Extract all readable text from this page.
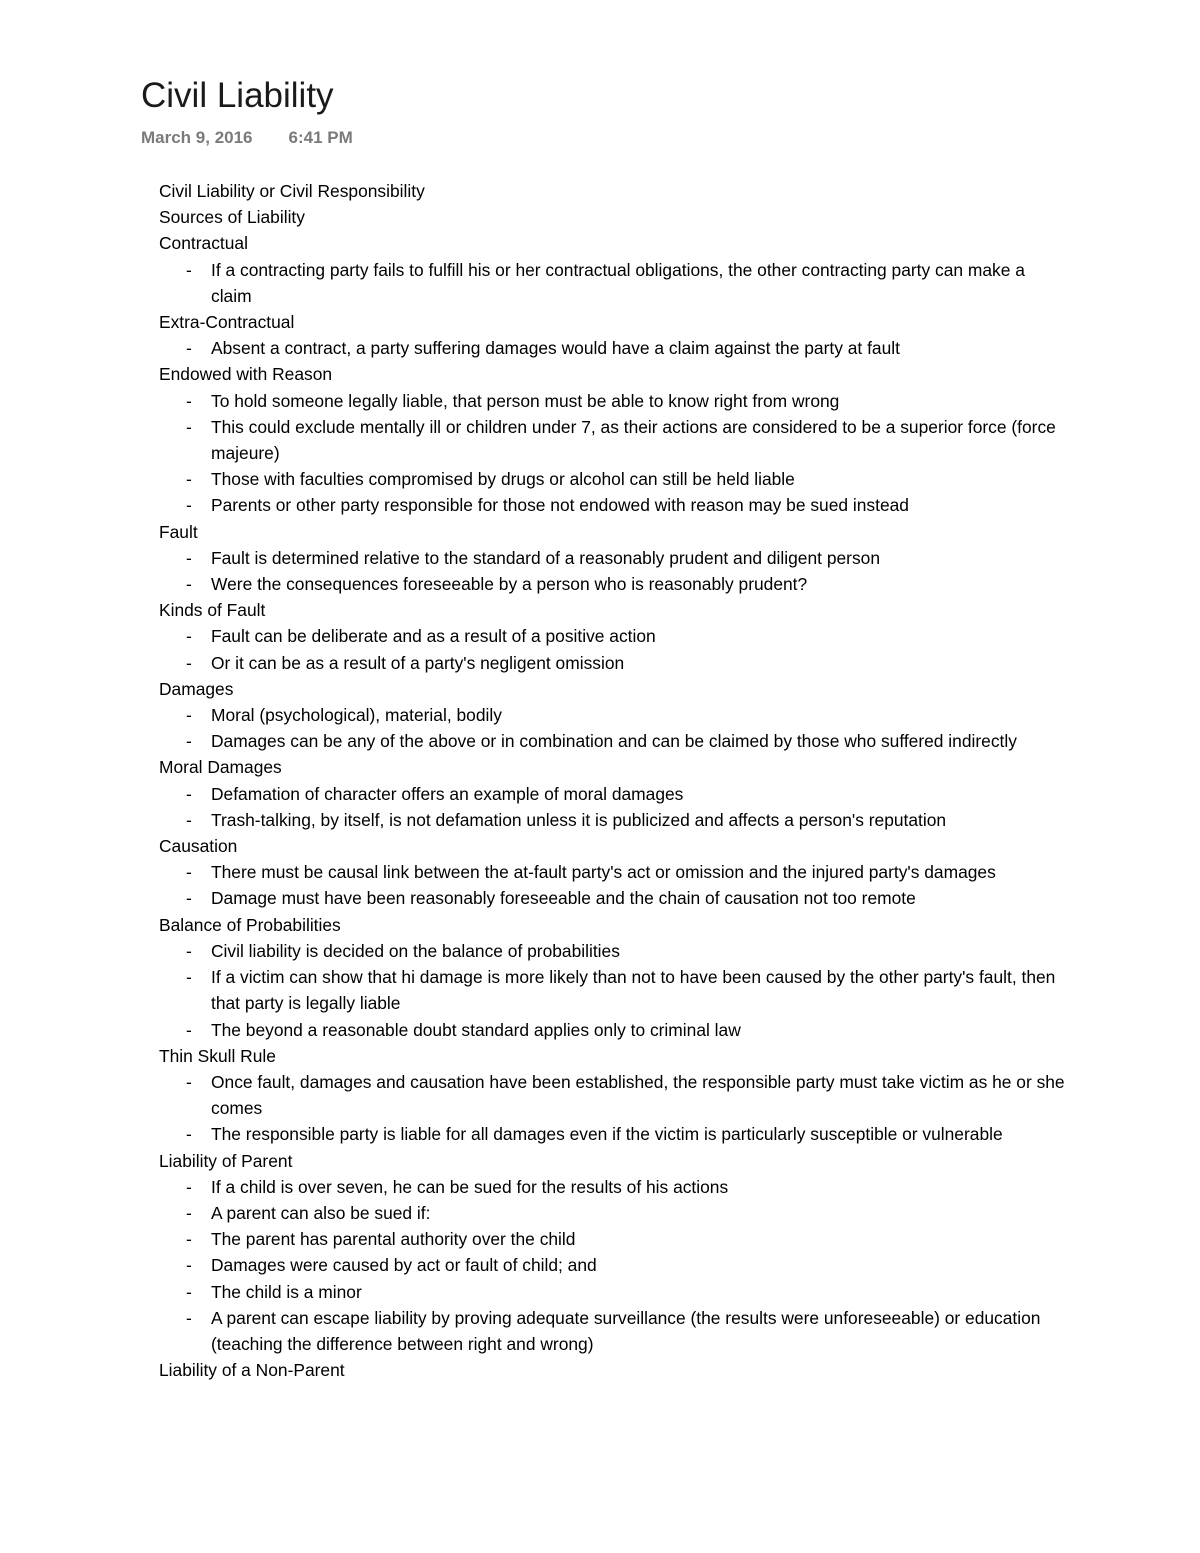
Civil Liability
March 9, 2016 6:41 PM
Civil Liability or Civil Responsibility
Sources of Liability
Contractual
- If a contracting party fails to fulfill his or her contractual obligations, the other contracting party can make a claim
Extra-Contractual
- Absent a contract, a party suffering damages would have a claim against the party at fault
Endowed with Reason
- To hold someone legally liable, that person must be able to know right from wrong
- This could exclude mentally ill or children under 7, as their actions are considered to be a superior force (force majeure)
- Those with faculties compromised by drugs or alcohol can still be held liable
- Parents or other party responsible for those not endowed with reason may be sued instead
Fault
- Fault is determined relative to the standard of a reasonably prudent and diligent person
- Were the consequences foreseeable by a person who is reasonably prudent?
Kinds of Fault
- Fault can be deliberate and as a result of a positive action
- Or it can be as a result of a party's negligent omission
Damages
- Moral (psychological), material, bodily
- Damages can be any of the above or in combination and can be claimed by those who suffered indirectly
Moral Damages
- Defamation of character offers an example of moral damages
- Trash-talking, by itself, is not defamation unless it is publicized and affects a person's reputation
Causation
- There must be causal link between the at-fault party's act or omission and the injured party's damages
- Damage must have been reasonably foreseeable and the chain of causation not too remote
Balance of Probabilities
- Civil liability is decided on the balance of probabilities
- If a victim can show that hi damage is more likely than not to have been caused by the other party's fault, then that party is legally liable
- The beyond a reasonable doubt standard applies only to criminal law
Thin Skull Rule
- Once fault, damages and causation have been established, the responsible party must take victim as he or she comes
- The responsible party is liable for all damages even if the victim is particularly susceptible or vulnerable
Liability of Parent
- If a child is over seven, he can be sued for the results of his actions
- A parent can also be sued if:
- The parent has parental authority over the child
- Damages were caused by act or fault of child; and
- The child is a minor
- A parent can escape liability by proving adequate surveillance (the results were unforeseeable) or education (teaching the difference between right and wrong)
Liability of a Non-Parent
